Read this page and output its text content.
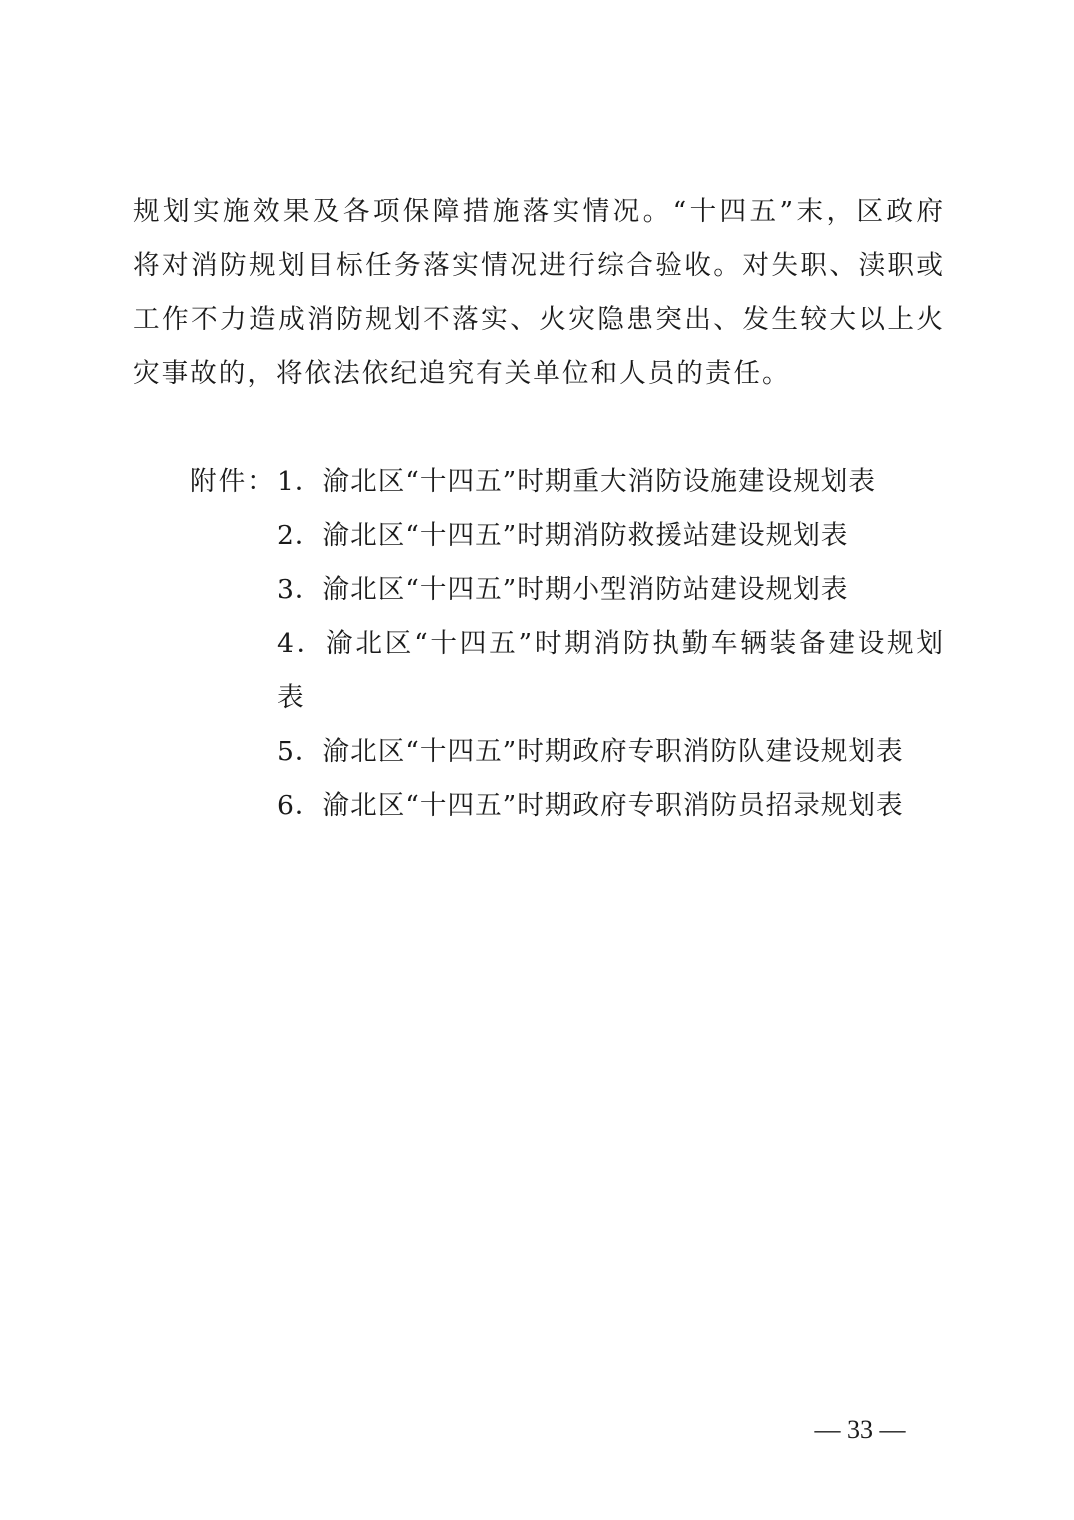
规划实施效果及各项保障措施落实情况。“十四五”末，区政府
将对消防规划目标任务落实情况进行综合验收。对失职、渎职或
工作不力造成消防规划不落实、火灾隐患突出、发生较大以上火
灾事故的，将依法依纪追究有关单位和人员的责任。
附件： 1．渝北区“十四五”时期重大消防设施建设规划表
2．渝北区“十四五”时期消防救援站建设规划表
3．渝北区“十四五”时期小型消防站建设规划表
4．渝北区“十四五”时期消防执勤车辆装备建设规划
表
5．渝北区“十四五”时期政府专职消防队建设规划表
6．渝北区“十四五”时期政府专职消防员招录规划表
— 33 —
